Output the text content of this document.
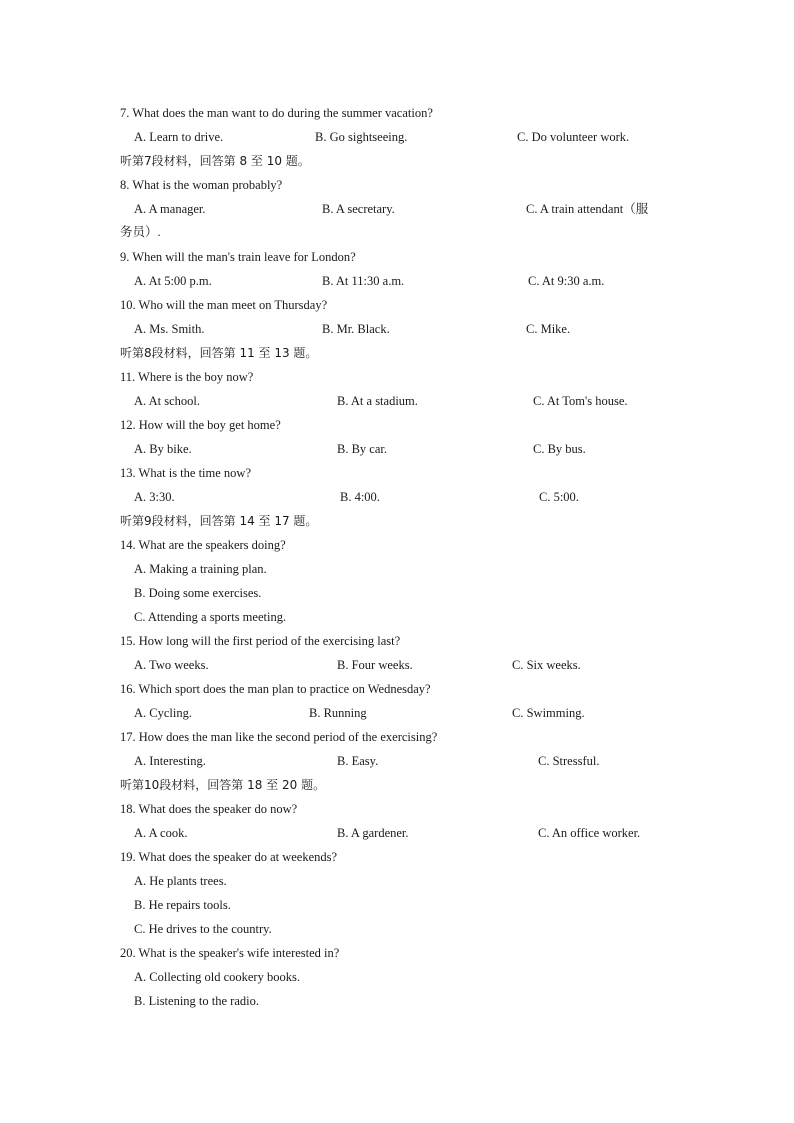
7. What does the man want to do during the summer vacation?
A. Learn to drive.	B. Go sightseeing.	C. Do volunteer work.
听第7段材料，回答第 8 至 10 题。
8. What is the woman probably?
A. A manager.	B. A secretary.	C. A train attendant（服
务员）.
9. When will the man's train leave for London?
A. At 5:00 p.m.	B. At 11:30 a.m.	C. At 9:30 a.m.
10. Who will the man meet on Thursday?
A. Ms. Smith.	B. Mr. Black.	C. Mike.
听第8段材料，回答第 11 至 13 题。
11. Where is the boy now?
A. At school.	B. At a stadium.	C. At Tom's house.
12. How will the boy get home?
A. By bike.	B. By car.	C. By bus.
13. What is the time now?
A. 3:30.	B. 4:00.	C. 5:00.
听第9段材料，回答第 14 至 17 题。
14. What are the speakers doing?
A. Making a training plan.
B. Doing some exercises.
C. Attending a sports meeting.
15. How long will the first period of the exercising last?
A. Two weeks.	B. Four weeks.	C. Six weeks.
16. Which sport does the man plan to practice on Wednesday?
A. Cycling.	B. Running	C. Swimming.
17. How does the man like the second period of the exercising?
A. Interesting.	B. Easy.	C. Stressful.
听第10段材料，回答第 18 至 20 题。
18. What does the speaker do now?
A. A cook.	B. A gardener.	C. An office worker.
19. What does the speaker do at weekends?
A. He plants trees.
B. He repairs tools.
C. He drives to the country.
20. What is the speaker's wife interested in?
A. Collecting old cookery books.
B. Listening to the radio.
